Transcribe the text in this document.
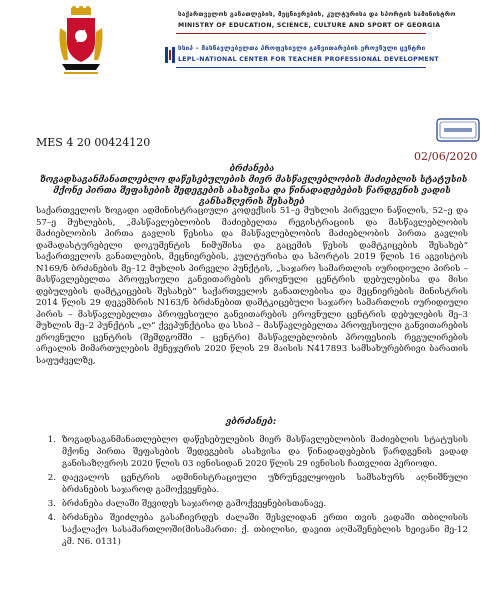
საქართველოს განათლების, მეცნიერების, კულტურისა და სპორტის სამინისტრო
MINISTRY OF EDUCATION, SCIENCE, CULTURE AND SPORT OF GEORGIA
სსიპ – მასწავლებელთა პროფესიული განვითარების ეროვნული ცენტრი
LEPL–NATIONAL CENTER FOR TEACHER PROFESSIONAL DEVELOPMENT
MES 4 20 00424120
02/06/2020
ბრძანება
ზოგადსაგანმანათლებლო დაწესებულების მიერ მასწავლებლობის მაძიებლის სტატუსის
მქონე პირთა შეფასების შედეგების ასახვისა და წინადადებების წარდგენის ვადის
განსაზღვრის შესახებ

საქართველოს ზოგადი ადმინისტრაციული კოდექსის 51–ე მუხლის პირველი ნაწილის, 52–ე და 57–ე მუხლების, „მასწავლებლობის მაძიებელთა რეგისტრაციის და მასწავლებლობის მაძიებლობის პირთა გავლის წესისა და მასწავლებლობის მაძიებლობის პირთა გავლის დამადასტურებელი დოკუმენტის ნიმუშისა და გაცემის წესის დამტკიცების შესახებ“ საქართველოს განათლების, მეცნიერების, კულტურისა და სპორტის 2019 წლის 16 აგვისტოს N169/ნ ბრძანების მე–12 მუხლის პირველი პუნქტის, „საჯარო სამართლის იურიდიული პირის – მასწავლებელთა პროფესიული განვითარების ეროვნული ცენტრის დებულებისა და მისი დებულების დამტკიცების შესახებ“ საქართველოს განათლებისა და მეცნიერების მინისტრის 2014 წლის 29 დეკემბრის N163/ნ ბრძანებით დამტკიცებული საჯარო სამართლის იურიდიული პირის – მასწავლებელთა პროფესიული განვითარების ეროვნული ცენტრის დებულების მე–3 მუხლის მე–2 პუნქტის „ლ“ ქვეპუნქტისა და სსიპ – მასწავლებელთა პროფესიული განვითარების ეროვნული ცენტრის (შემდგომში – ცენტრი) მასწავლებლობის პროფესიის რეგულირების არეალის მიმართულების მენეჯერის 2020 წლის 29 მაისის N417893 სამსახურებრივი ბარათის საფუძველზე,

ვბრძანებ:
1. ზოგადსაგანმანათლებლო დაწესებულების მიერ მასწავლებლობის მაძიებლის სტატუსის მქონე პირთა შეფასების შედეგების ასახვისა და წინადადებების წარდგენის ვადად განისაზღვროს 2020 წლის 03 ივნისიდან 2020 წლის 29 ივნისის ჩათვლით პერიოდი.
2. დაევალოს ცენტრის ადმინისტრაციული უზრუნველყოფის სამსახურს აღნიშნული ბრძანების საჯაროდ გამოქვეყნება.
3. ბრძანება ძალაში შევიდეს საჯაროდ გამოქვეყნებისთანავე.
4. ბრძანება შეიძლება გასაჩივრდეს ძალაში შესვლიდან ერთი თვის ვადაში თბილისის საქალაქო სასამართლოში(მისამართი: ქ. თბილისი, დავით აღმაშენებლის ხეივანი მე-12 კმ. N6. 0131)
